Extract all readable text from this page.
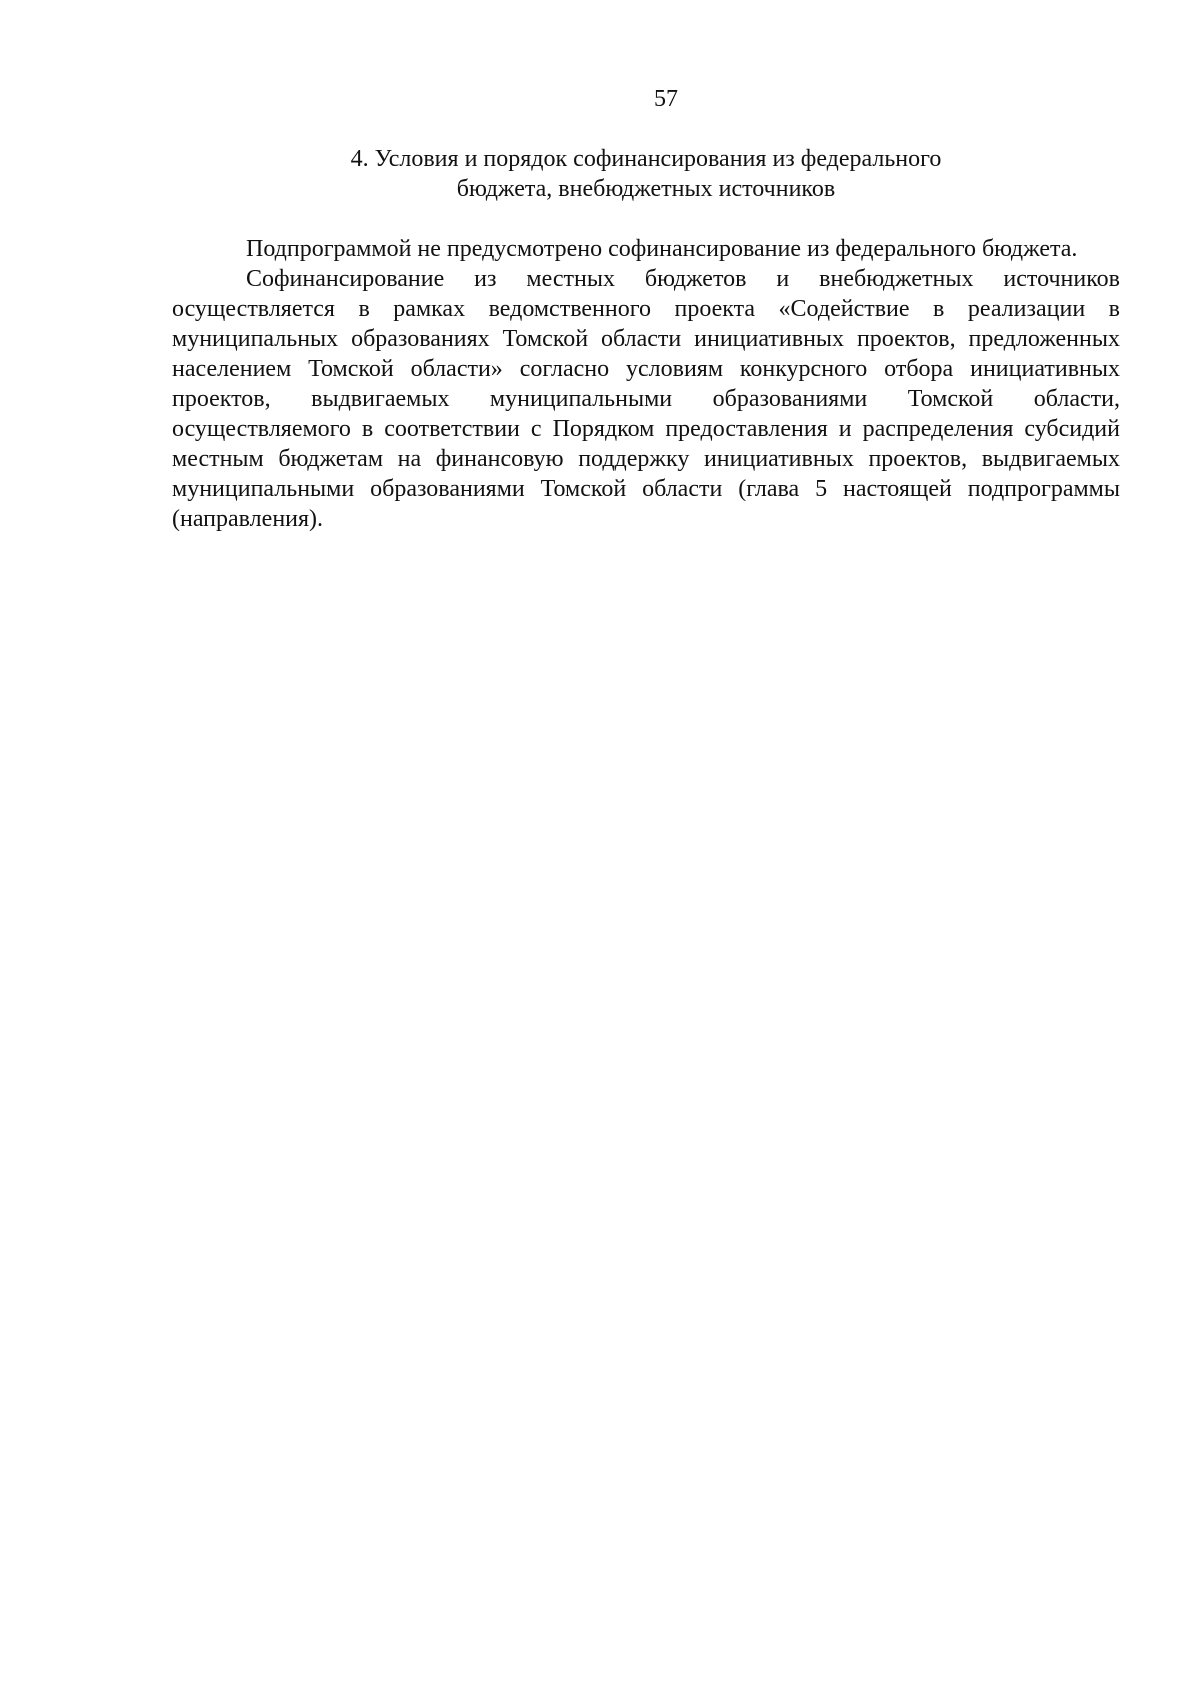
57
4. Условия и порядок софинансирования из федерального
бюджета, внебюджетных источников

Подпрограммой не предусмотрено софинансирование из федерального бюджета.

Софинансирование из местных бюджетов и внебюджетных источников осуществляется в рамках ведомственного проекта «Содействие в реализации в муниципальных образованиях Томской области инициативных проектов, предложенных населением Томской области» согласно условиям конкурсного отбора инициативных проектов, выдвигаемых муниципальными образованиями Томской области, осуществляемого в соответствии с Порядком предоставления и распределения субсидий местным бюджетам на финансовую поддержку инициативных проектов, выдвигаемых муниципальными образованиями Томской области (глава 5 настоящей подпрограммы (направления).
